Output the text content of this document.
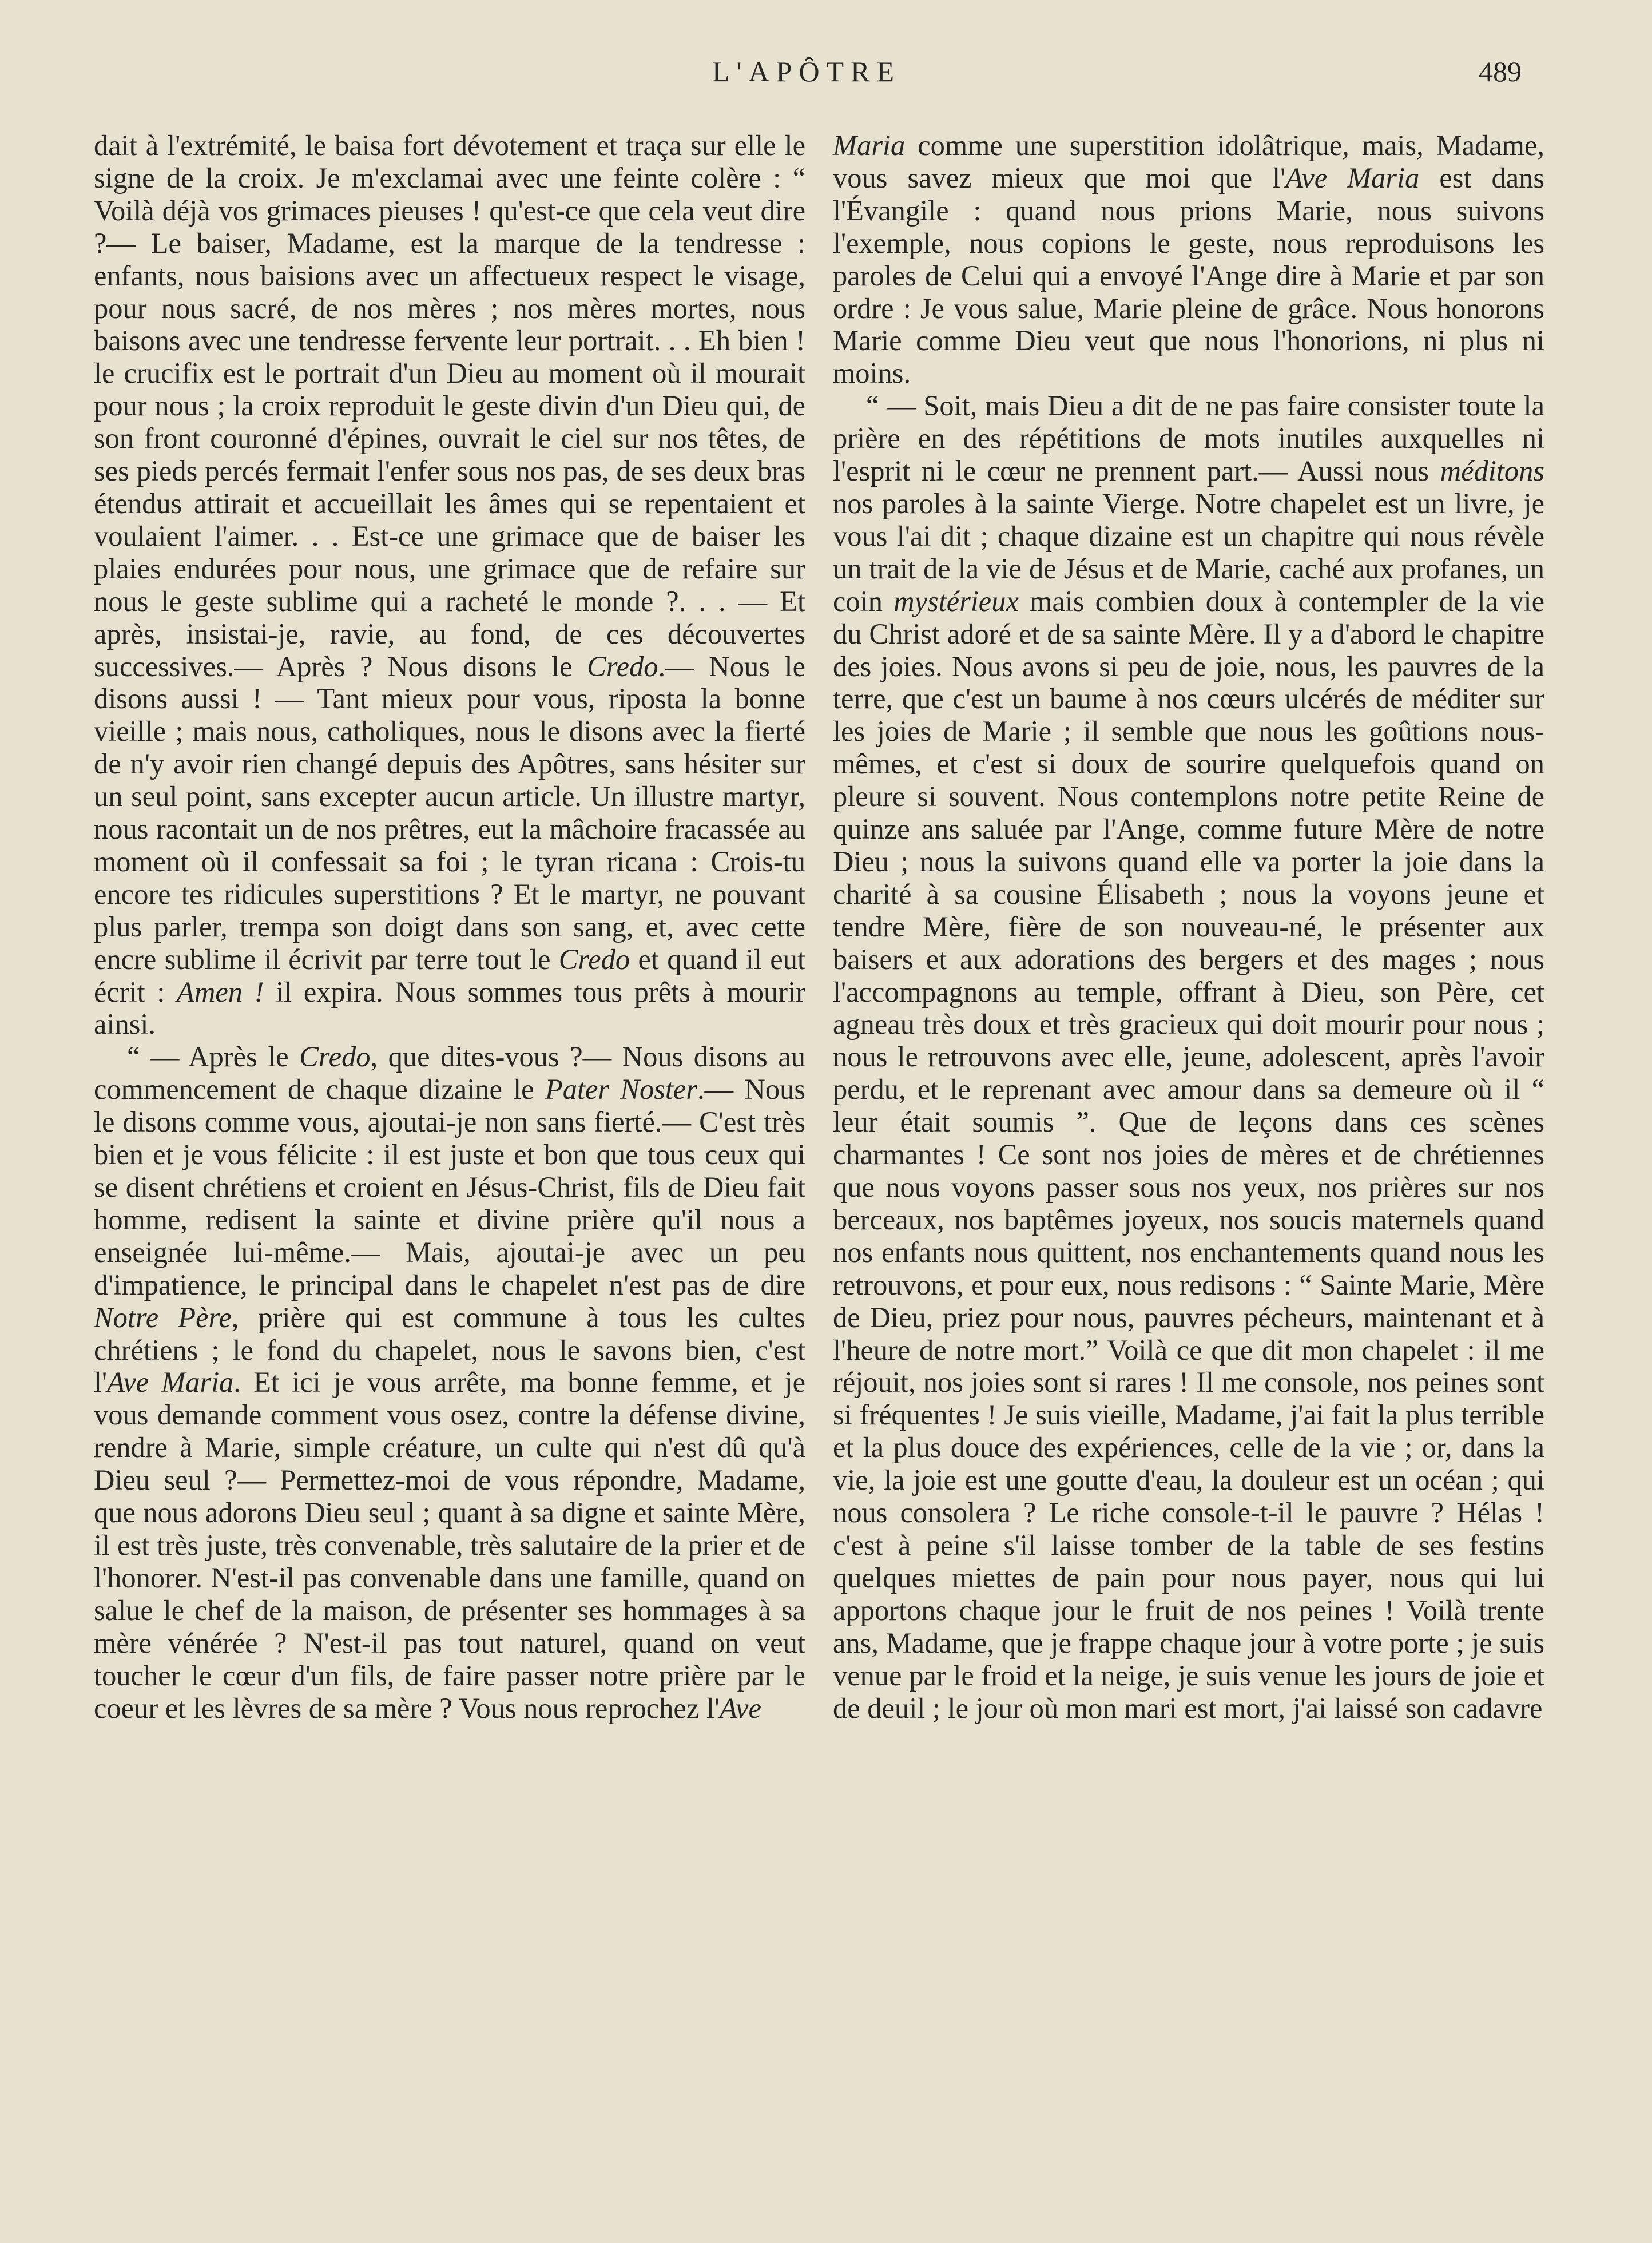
L'APÔTRE	489

dait à l'extrémité, le baisa fort dévotement et traça sur elle le signe de la croix. Je m'exclamai avec une feinte colère : “ Voilà déjà vos grimaces pieuses ! qu'est-ce que cela veut dire ?— Le baiser, Madame, est la marque de la tendresse : enfants, nous baisions avec un affectueux respect le visage, pour nous sacré, de nos mères ; nos mères mortes, nous baisons avec une tendresse fervente leur portrait. . . Eh bien ! le crucifix est le portrait d'un Dieu au moment où il mourait pour nous ; la croix reproduit le geste divin d'un Dieu qui, de son front couronné d'épines, ouvrait le ciel sur nos têtes, de ses pieds percés fermait l'enfer sous nos pas, de ses deux bras étendus attirait et accueillait les âmes qui se repentaient et voulaient l'aimer. . . Est-ce une grimace que de baiser les plaies endurées pour nous, une grimace que de refaire sur nous le geste sublime qui a racheté le monde ?. . . — Et après, insistai-je, ravie, au fond, de ces découvertes successives.— Après ? Nous disons le Credo.— Nous le disons aussi ! — Tant mieux pour vous, riposta la bonne vieille ; mais nous, catholiques, nous le disons avec la fierté de n'y avoir rien changé depuis des Apôtres, sans hésiter sur un seul point, sans excepter aucun article. Un illustre martyr, nous racontait un de nos prêtres, eut la mâchoire fracassée au moment où il confessait sa foi ; le tyran ricana : Crois-tu encore tes ridicules superstitions ? Et le martyr, ne pouvant plus parler, trempa son doigt dans son sang, et, avec cette encre sublime il écrivit par terre tout le Credo et quand il eut écrit : Amen ! il expira. Nous sommes tous prêts à mourir ainsi.

“ — Après le Credo, que dites-vous ?— Nous disons au commencement de chaque dizaine le Pater Noster.— Nous le disons comme vous, ajoutai-je non sans fierté.— C'est très bien et je vous félicite : il est juste et bon que tous ceux qui se disent chrétiens et croient en Jésus-Christ, fils de Dieu fait homme, redisent la sainte et divine prière qu'il nous a enseignée lui-même.— Mais, ajoutai-je avec un peu d'impatience, le principal dans le chapelet n'est pas de dire Notre Père, prière qui est commune à tous les cultes chrétiens ; le fond du chapelet, nous le savons bien, c'est l'Ave Maria. Et ici je vous arrête, ma bonne femme, et je vous demande comment vous osez, contre la défense divine, rendre à Marie, simple créature, un culte qui n'est dû qu'à Dieu seul ?— Permettez-moi de vous répondre, Madame, que nous adorons Dieu seul ; quant à sa digne et sainte Mère, il est très juste, très convenable, très salutaire de la prier et de l'honorer. N'est-il pas convenable dans une famille, quand on salue le chef de la maison, de présenter ses hommages à sa mère vénérée ? N'est-il pas tout naturel, quand on veut toucher le cœur d'un fils, de faire passer notre prière par le coeur et les lèvres de sa mère ? Vous nous reprochez l'Ave

Maria comme une superstition idolâtrique, mais, Madame, vous savez mieux que moi que l'Ave Maria est dans l'Évangile : quand nous prions Marie, nous suivons l'exemple, nous copions le geste, nous reproduisons les paroles de Celui qui a envoyé l'Ange dire à Marie et par son ordre : Je vous salue, Marie pleine de grâce. Nous honorons Marie comme Dieu veut que nous l'honorions, ni plus ni moins.

“ — Soit, mais Dieu a dit de ne pas faire consister toute la prière en des répétitions de mots inutiles auxquelles ni l'esprit ni le cœur ne prennent part.— Aussi nous méditons nos paroles à la sainte Vierge. Notre chapelet est un livre, je vous l'ai dit ; chaque dizaine est un chapitre qui nous révèle un trait de la vie de Jésus et de Marie, caché aux profanes, un coin mystérieux mais combien doux à contempler de la vie du Christ adoré et de sa sainte Mère. Il y a d'abord le chapitre des joies. Nous avons si peu de joie, nous, les pauvres de la terre, que c'est un baume à nos cœurs ulcérés de méditer sur les joies de Marie ; il semble que nous les goûtions nous-mêmes, et c'est si doux de sourire quelquefois quand on pleure si souvent. Nous contemplons notre petite Reine de quinze ans saluée par l'Ange, comme future Mère de notre Dieu ; nous la suivons quand elle va porter la joie dans la charité à sa cousine Élisabeth ; nous la voyons jeune et tendre Mère, fière de son nouveau-né, le présenter aux baisers et aux adorations des bergers et des mages ; nous l'accompagnons au temple, offrant à Dieu, son Père, cet agneau très doux et très gracieux qui doit mourir pour nous ; nous le retrouvons avec elle, jeune, adolescent, après l'avoir perdu, et le reprenant avec amour dans sa demeure où il “ leur était soumis ”. Que de leçons dans ces scènes charmantes ! Ce sont nos joies de mères et de chrétiennes que nous voyons passer sous nos yeux, nos prières sur nos berceaux, nos baptêmes joyeux, nos soucis maternels quand nos enfants nous quittent, nos enchantements quand nous les retrouvons, et pour eux, nous redisons : “ Sainte Marie, Mère de Dieu, priez pour nous, pauvres pécheurs, maintenant et à l'heure de notre mort.” Voilà ce que dit mon chapelet : il me réjouit, nos joies sont si rares ! Il me console, nos peines sont si fréquentes ! Je suis vieille, Madame, j'ai fait la plus terrible et la plus douce des expériences, celle de la vie ; or, dans la vie, la joie est une goutte d'eau, la douleur est un océan ; qui nous consolera ? Le riche console-t-il le pauvre ? Hélas ! c'est à peine s'il laisse tomber de la table de ses festins quelques miettes de pain pour nous payer, nous qui lui apportons chaque jour le fruit de nos peines ! Voilà trente ans, Madame, que je frappe chaque jour à votre porte ; je suis venue par le froid et la neige, je suis venue les jours de joie et de deuil ; le jour où mon mari est mort, j'ai laissé son cadavre
